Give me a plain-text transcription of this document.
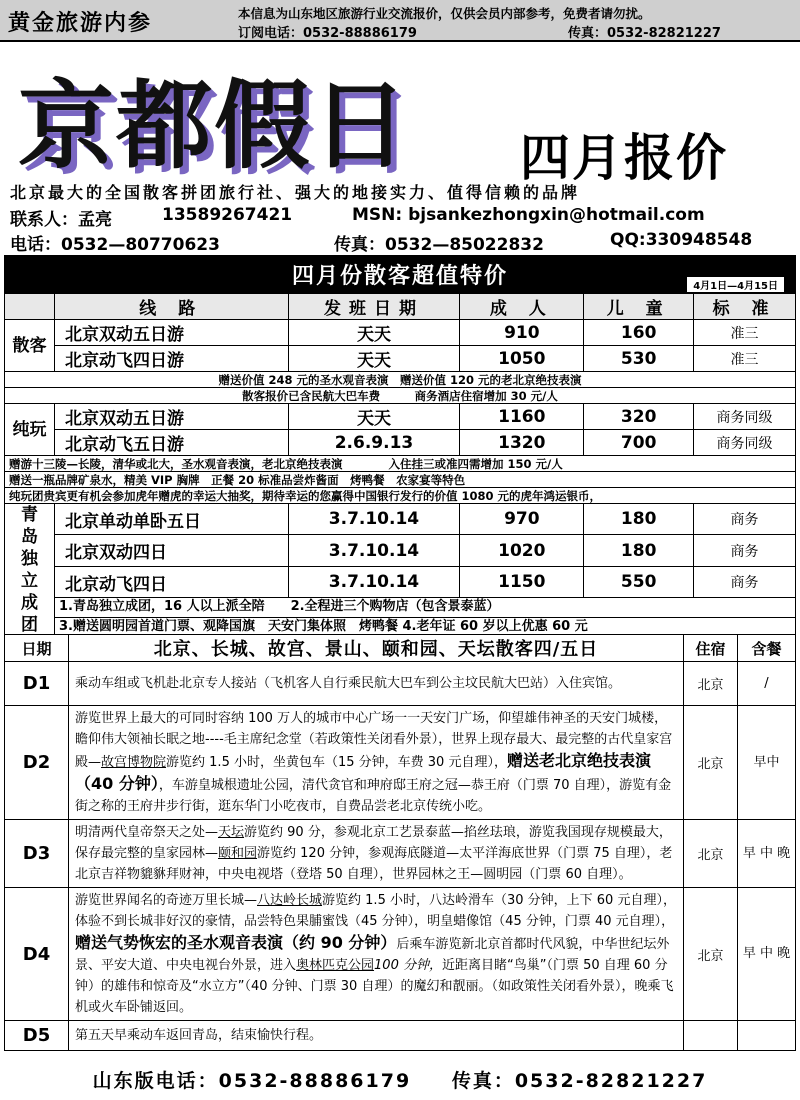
黄金旅游内参	本信息为山东地区旅游行业交流报价，仅供会员内部参考，免费者请勿扰。
订阅电话：0532-88886179	传真：0532-82821227
京都假日 四月报价
北京最大的全国散客拼团旅行社、强大的地接实力、值得信赖的品牌
联系人：孟亮	13589267421	MSN: bjsankezhongxin@hotmail.com
电话：0532—80770623	传真：0532—85022832	QQ:330948548
四月份散客超值特价	4月1日—4月15日
	线 路	发班日期	成 人	儿 童	标 准
散客	北京双动五日游	天天	910	160	准三
	北京动飞四日游	天天	1050	530	准三
赠送价值 248 元的圣水观音表演　赠送价值 120 元的老北京绝技表演					
散客报价已含民航大巴车费　　　商务酒店住宿增加 30 元/人					
纯玩	北京双动五日游	天天	1160	320	商务同级
	北京动飞五日游	2.6.9.13	1320	700	商务同级
赠游十三陵—长陵，清华或北大，圣水观音表演，老北京绝技表演　　　　入住挂三或准四需增加 150 元/人					
赠送一瓶品牌矿泉水，精美 VIP 胸牌　正餐 20 标准品尝炸酱面　烤鸭餐　农家宴等特色					
纯玩团贵宾更有机会参加虎年赠虎的幸运大抽奖，期待幸运的您赢得中国银行发行的价值 1080 元的虎年鸿运银币，					
青岛独立成团	北京单动单卧五日	3.7.10.14	970	180	商务
	北京双动四日	3.7.10.14	1020	180	商务
	北京动飞四日	3.7.10.14	1150	550	商务
	1.青岛独立成团，16 人以上派全陪　　2.全程进三个购物店（包含景泰蓝）				
	3.赠送圆明园首道门票、观降国旗　天安门集体照　烤鸭餐 4.老年证 60 岁以上优惠 60 元				
日期	北京、长城、故宫、景山、颐和园、天坛散客四/五日	住宿	含餐
D1	乘动车组或飞机赴北京专人接站（飞机客人自行乘民航大巴车到公主坟民航大巴站）入住宾馆。	北京	/
D2	游览世界上最大的可同时容纳 100 万人的城市中心广场一一天安门广场，仰望雄伟神圣的天安门城楼，瞻仰伟大领袖长眠之地----毛主席纪念堂（若政策性关闭看外景），世界上现存最大、最完整的古代皇家宫殿—故宫博物院游览约 1.5 小时，坐黄包车（15 分钟，车费 30 元自理），赠送老北京绝技表演（40 分钟），车游皇城根遗址公园，清代贪官和珅府邸王府之冠—恭王府（门票 70 自理），游览有金街之称的王府井步行街，逛东华门小吃夜市，自费品尝老北京传统小吃。	北京	早中
D3	明清两代皇帝祭天之处—天坛游览约 90 分，参观北京工艺景泰蓝—掐丝珐琅，游览我国现存规模最大，保存最完整的皇家园林—颐和园游览约 120 分钟，参观海底隧道—太平洋海底世界（门票 75 自理），老北京吉祥物貔貅拜财神，中央电视塔（登塔 50 自理），世界园林之王—圆明园（门票 60 自理）。	北京	早 中 晚
D4	游览世界闻名的奇迹万里长城—八达岭长城游览约 1.5 小时，八达岭滑车（30 分钟，上下 60 元自理），体验不到长城非好汉的豪情，品尝特色果脯蜜饯（45 分钟），明皇蜡像馆（45 分钟，门票 40 元自理），赠送气势恢宏的圣水观音表演（约 90 分钟）后乘车游览新北京首都时代风貌，中华世纪坛外景、平安大道、中央电视台外景，进入奥林匹克公园100 分钟，近距离目睹“鸟巢”（门票 50 自理 60 分钟）的雄伟和惊奇及“水立方”（40 分钟、门票 30 自理）的魔幻和靓丽。（如政策性关闭看外景），晚乘飞机或火车卧铺返回。	北京	早 中 晚
D5	第五天早乘动车返回青岛，结束愉快行程。		
山东版电话：0532-88886179 传真：0532-82821227
